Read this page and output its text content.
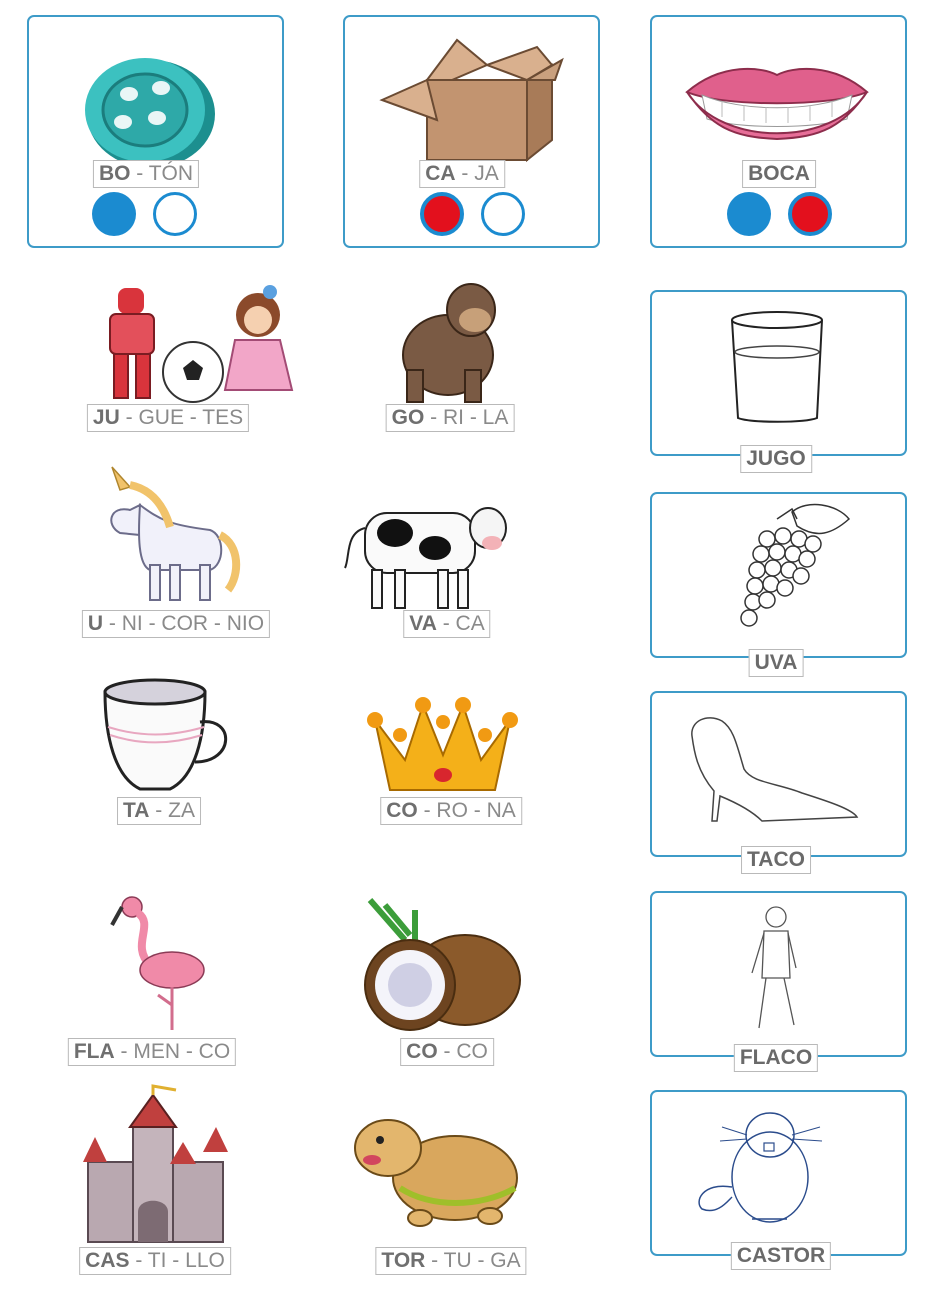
BO - TÓN	CA - JA	BOCA
JU - GUE - TES
U - NI - COR - NIO
TA - ZA
FLA - MEN - CO
CAS - TI - LLO
GO - RI - LA
VA - CA
CO - RO - NA
CO - CO
TOR - TU - GA
JUGO
UVA
TACO
FLACO
CASTOR
